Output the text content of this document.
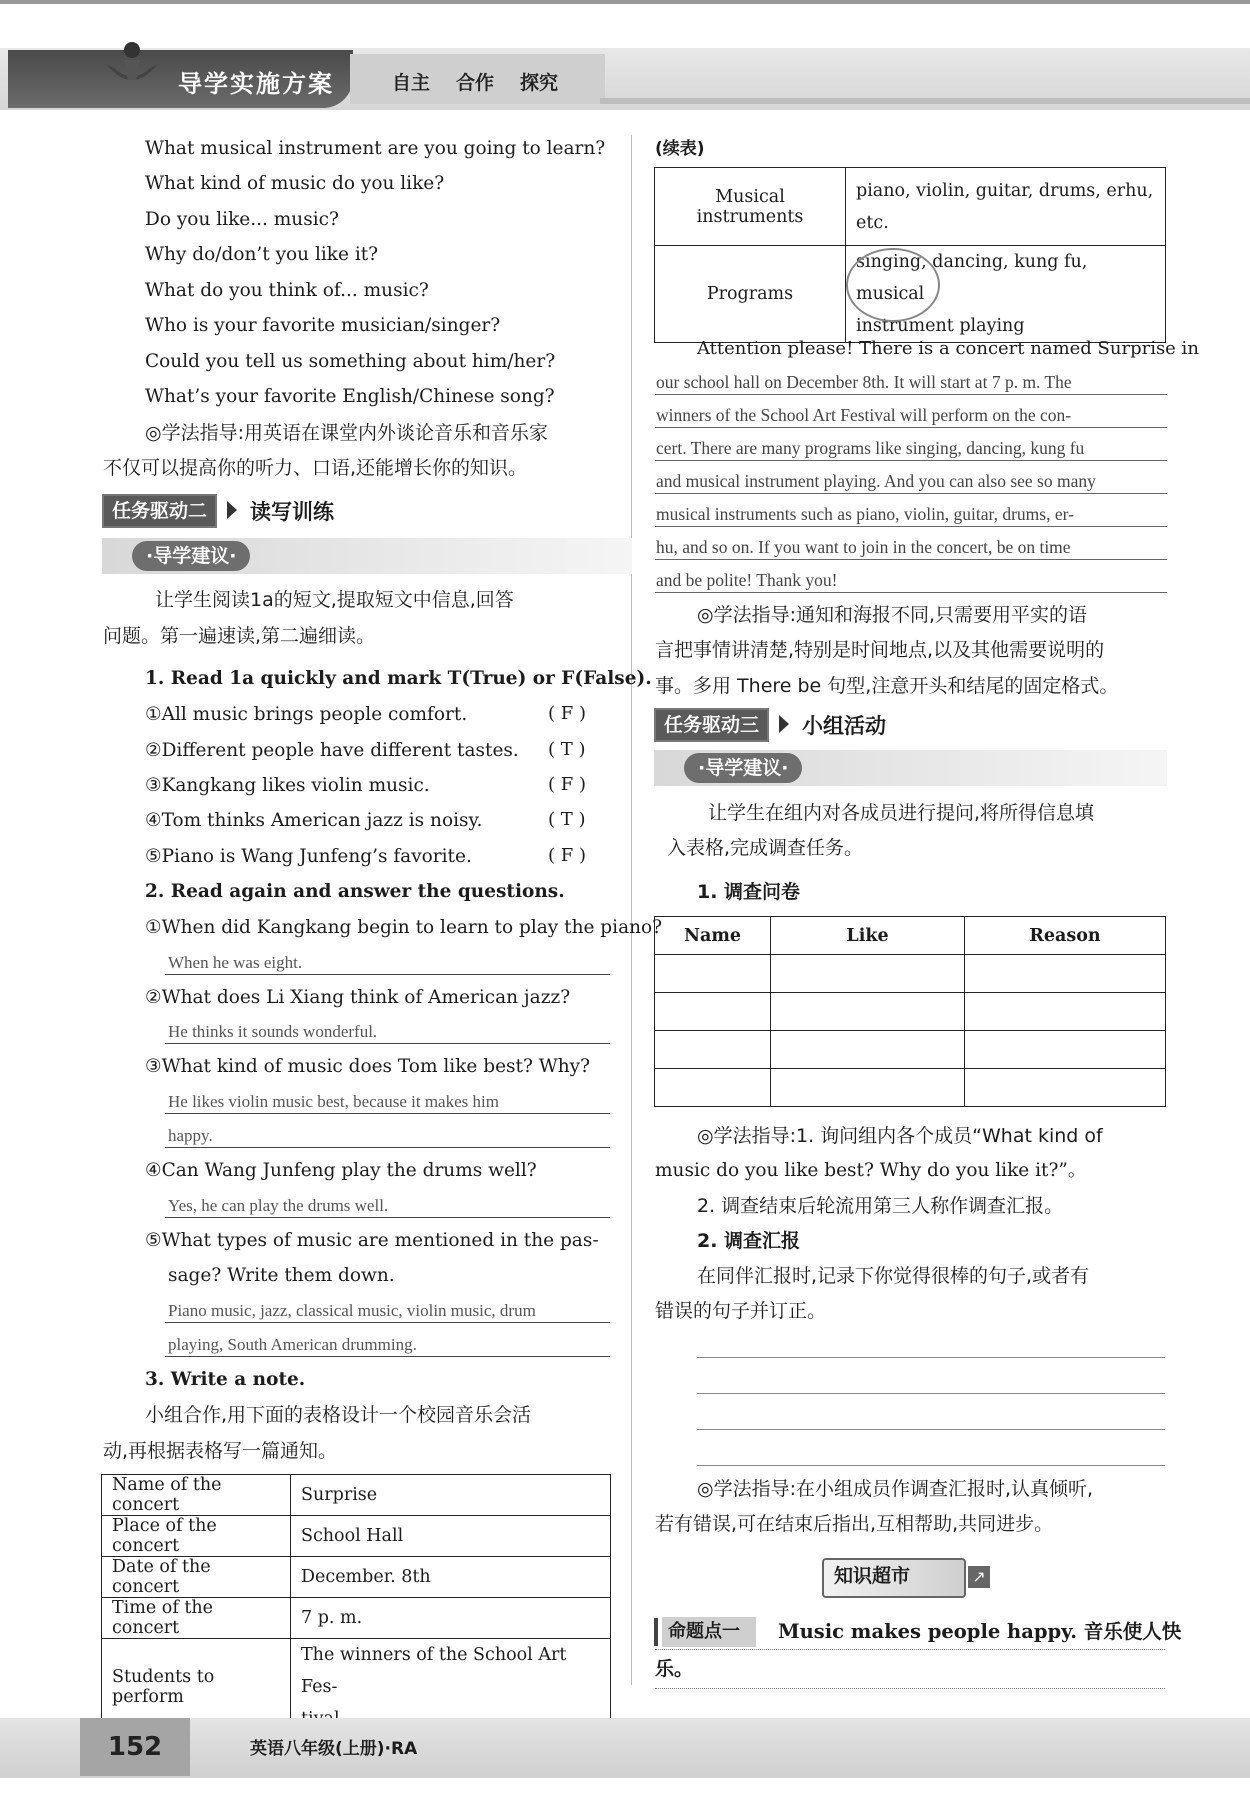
导学实施方案	自主 合作 探究
What musical instrument are you going to learn?
What kind of music do you like?
Do you like... music?
Why do/don’t you like it?
What do you think of... music?
Who is your favorite musician/singer?
Could you tell us something about him/her?
What’s your favorite English/Chinese song?
◎学法指导:用英语在课堂内外谈论音乐和音乐家
不仅可以提高你的听力、口语,还能增长你的知识。
任务驱动二	读写训练
·导学建议·
让学生阅读1a的短文,提取短文中信息,回答
问题。第一遍速读,第二遍细读。
1. Read 1a quickly and mark T(True) or F(False).
①All music brings people comfort.	( F )
②Different people have different tastes. ( T )
③Kangkang likes violin music.	( F )
④Tom thinks American jazz is noisy.	( T )
⑤Piano is Wang Junfeng’s favorite.	( F )
2. Read again and answer the questions.
①When did Kangkang begin to learn to play the piano?
When he was eight.
②What does Li Xiang think of American jazz?
He thinks it sounds wonderful.
③What kind of music does Tom like best? Why?
He likes violin music best, because it makes him
happy.
④Can Wang Junfeng play the drums well?
Yes, he can play the drums well.
⑤What types of music are mentioned in the pas-
sage? Write them down.
Piano music, jazz, classical music, violin music, drum
playing, South American drumming.
3. Write a note.
小组合作,用下面的表格设计一个校园音乐会活
动,再根据表格写一篇通知。
Name of the concert	Surprise
Place of the concert	School Hall
Date of the concert	December. 8th
Time of the concert	7 p. m.
Students to perform	The winners of the School Art Fes-
(续表)
Musical instruments	piano, violin, guitar, drums, erhu,
etc.

Programs	singing, dancing, kung fu, musical
instrument playing
Attention please! There is a concert named Surprise in
our school hall on December 8th. It will start at 7 p. m. The
winners of the School Art Festival will perform on the con-
cert. There are many programs like singing, dancing, kung fu
and musical instrument playing. And you can also see so many
musical instruments such as piano, violin, guitar, drums, er-
hu, and so on. If you want to join in the concert, be on time
and be polite! Thank you!
◎学法指导:通知和海报不同,只需要用平实的语
言把事情讲清楚,特别是时间地点,以及其他需要说明的
事。多用 There be 句型,注意开头和结尾的固定格式。
任务驱动三	小组活动
·导学建议·
让学生在组内对各成员进行提问,将所得信息填
入表格,完成调查任务。
1. 调查问卷
Name	Like	Reason

◎学法指导:1. 询问组内各个成员“What kind of
music do you like best? Why do you like it?”。
2. 调查结束后轮流用第三人称作调查汇报。
2. 调查汇报
在同伴汇报时,记录下你觉得很棒的句子,或者有
错误的句子并订正。
◎学法指导:在小组成员作调查汇报时,认真倾听,
若有错误,可在结束后指出,互相帮助,共同进步。
知识超市	↗
命题点一 Music makes people happy. 音乐使人快
乐。
152	英语八年级(上册)·RA
